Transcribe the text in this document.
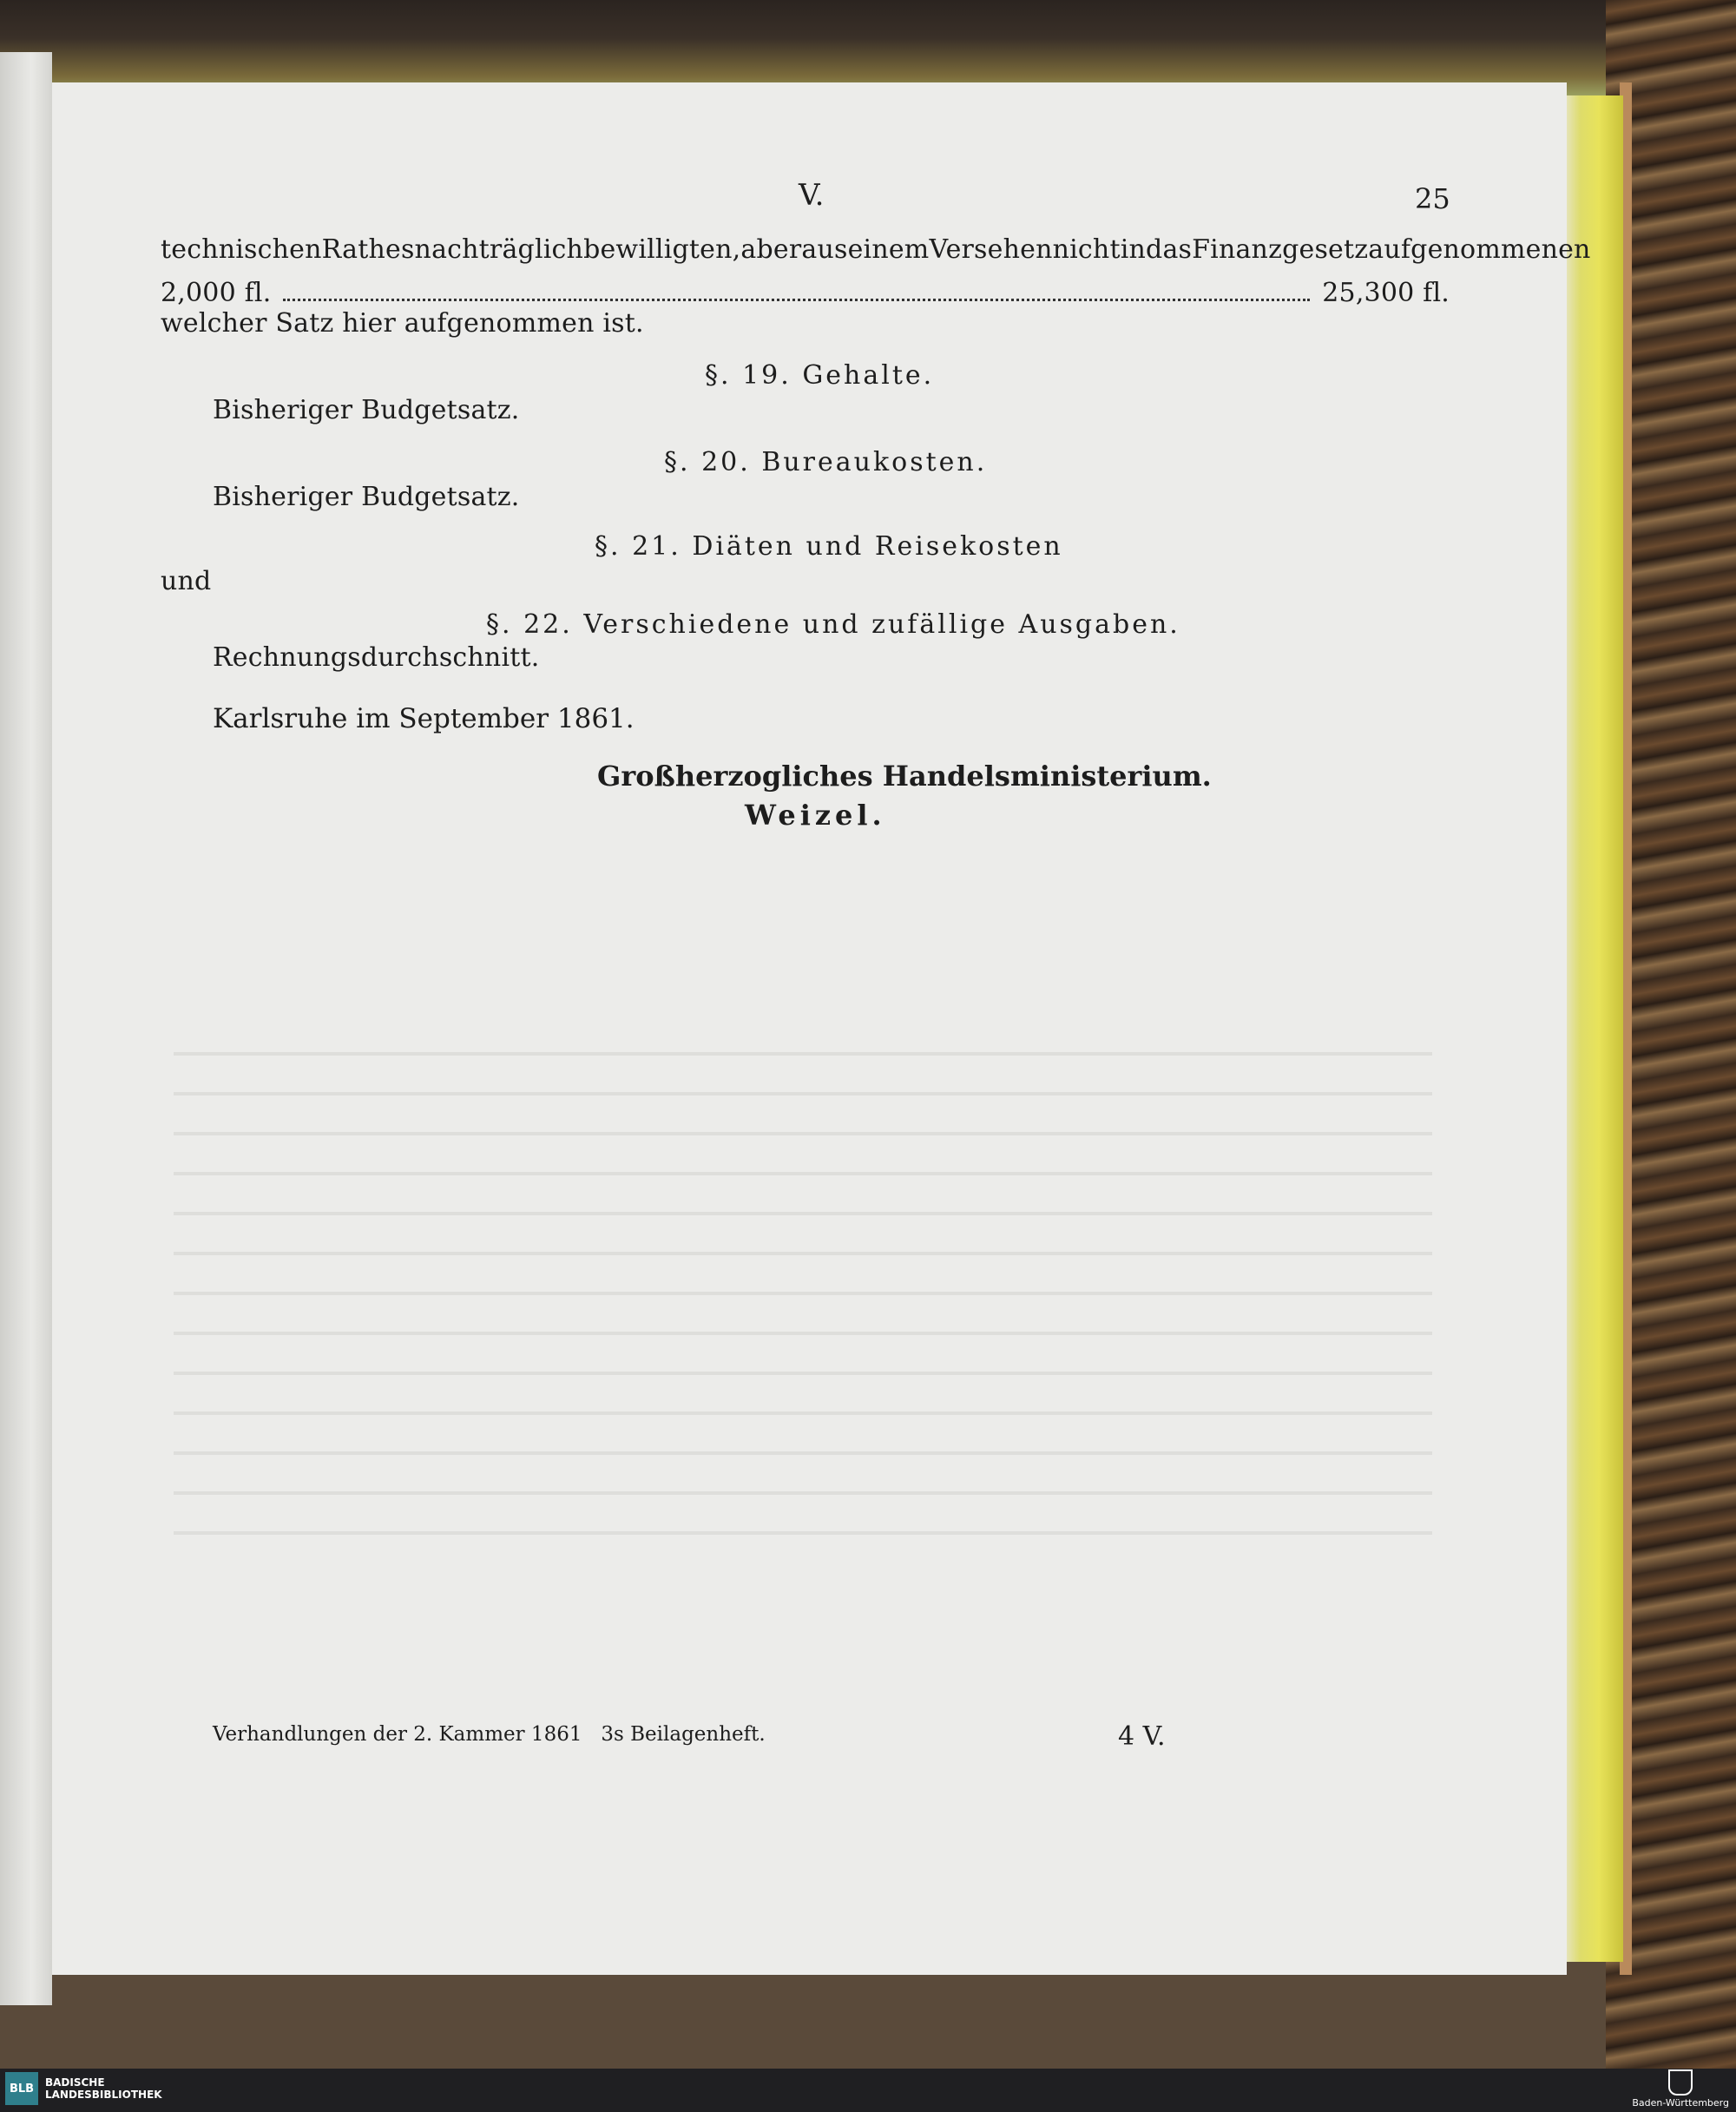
V.	25
technischen Rathes nachträglich bewilligten, aber aus einem Versehen nicht in das Finanzgesetz aufgenommenen
2,000 fl.	25,300 fl.
welcher Satz hier aufgenommen ist.
§. 19. Gehalte.
Bisheriger Budgetsatz.
§. 20. Bureaukosten.
Bisheriger Budgetsatz.
§. 21. Diäten und Reisekosten
und
§. 22. Verschiedene und zufällige Ausgaben.
Rechnungsdurchschnitt.
Karlsruhe im September 1861.
Großherzogliches Handelsministerium.
Weizel.
Verhandlungen der 2. Kammer 1861   3s Beilagenheft.	4 V.
BLB	BADISCHE
LANDESBIBLIOTHEK
Baden-Württemberg
